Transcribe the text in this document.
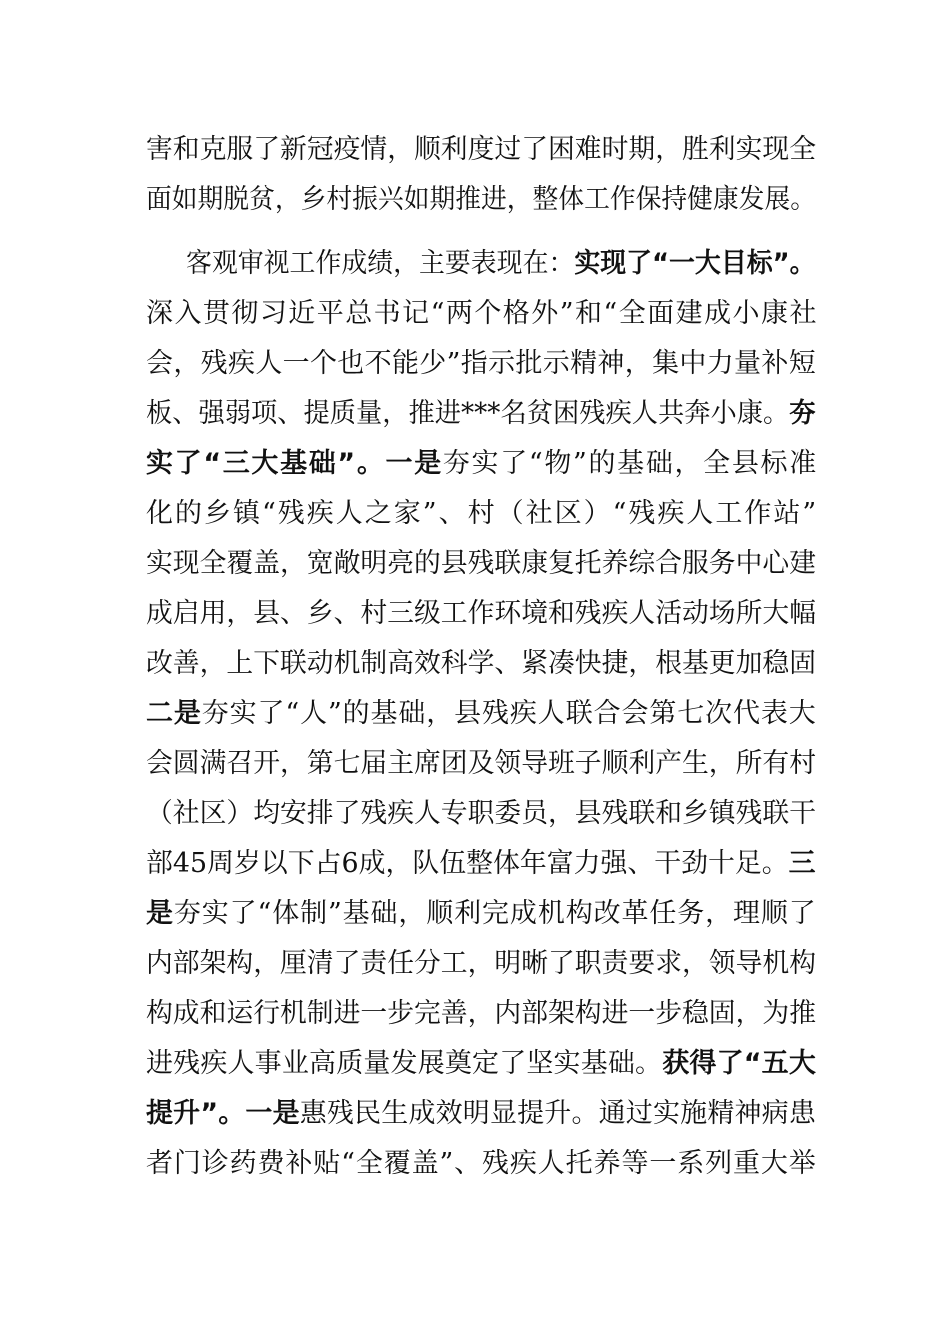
害和克服了新冠疫情，顺利度过了困难时期，胜利实现全
面如期脱贫，乡村振兴如期推进，整体工作保持健康发展。
客观审视工作成绩，主要表现在：实现了“一大目标”。
深入贯彻习近平总书记“两个格外”和“全面建成小康社
会，残疾人一个也不能少”指示批示精神，集中力量补短
板、强弱项、提质量，推进***名贫困残疾人共奔小康。夯
实了“三大基础”。一是夯实了“物”的基础，全县标准
化的乡镇“残疾人之家”、村（社区）“残疾人工作站”
实现全覆盖，宽敞明亮的县残联康复托养综合服务中心建
成启用，县、乡、村三级工作环境和残疾人活动场所大幅
改善，上下联动机制高效科学、紧凑快捷，根基更加稳固
二是夯实了“人”的基础，县残疾人联合会第七次代表大
会圆满召开，第七届主席团及领导班子顺利产生，所有村
（社区）均安排了残疾人专职委员，县残联和乡镇残联干
部45周岁以下占6成，队伍整体年富力强、干劲十足。三
是夯实了“体制”基础，顺利完成机构改革任务，理顺了
内部架构，厘清了责任分工，明晰了职责要求，领导机构
构成和运行机制进一步完善，内部架构进一步稳固，为推
进残疾人事业高质量发展奠定了坚实基础。获得了“五大
提升”。一是惠残民生成效明显提升。通过实施精神病患
者门诊药费补贴“全覆盖”、残疾人托养等一系列重大举
